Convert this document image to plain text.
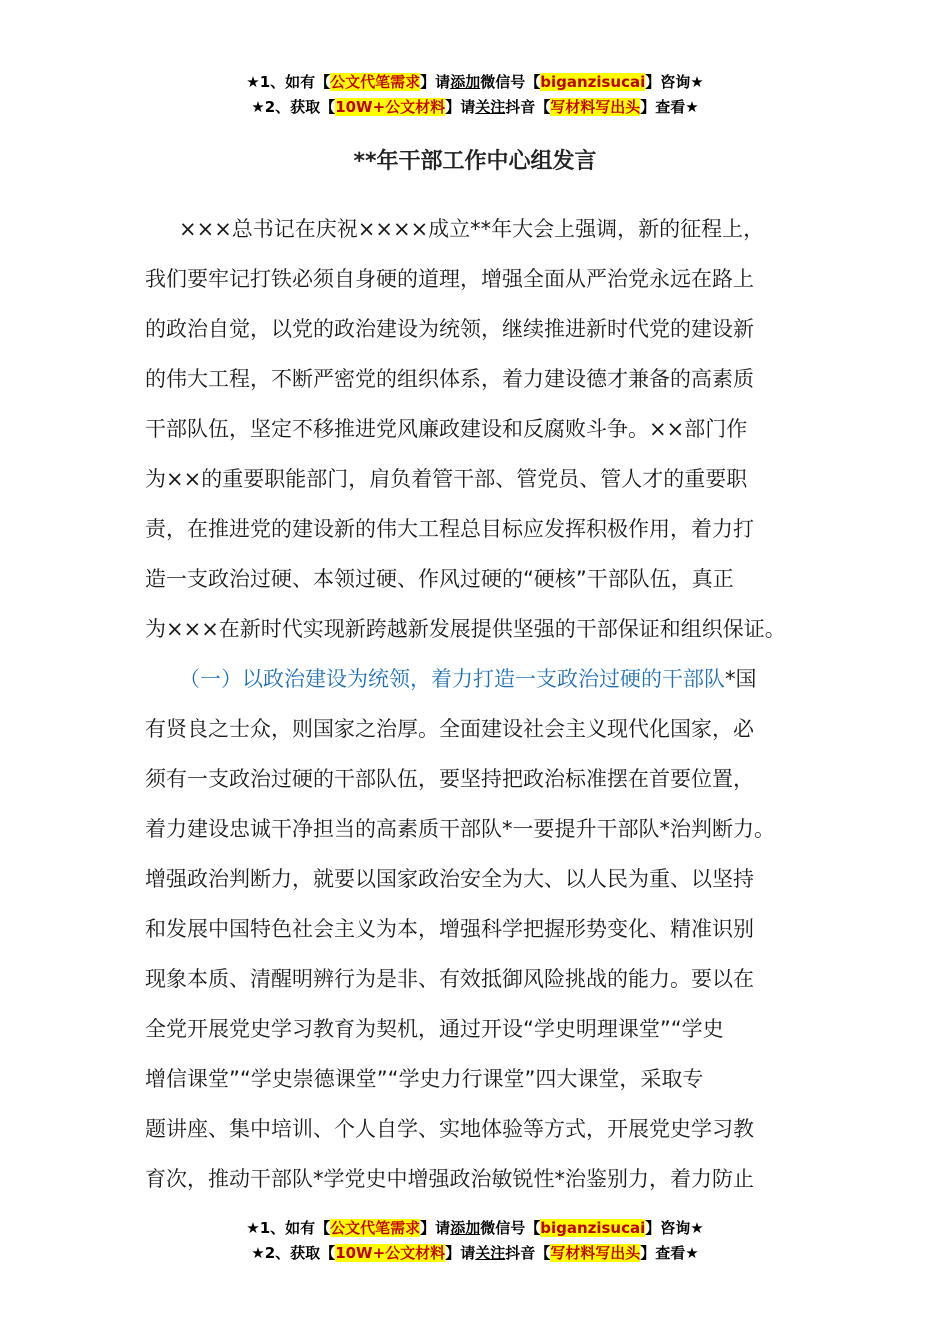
★1、如有【公文代笔需求】请添加微信号【biganzisucai】咨询★
★2、获取【10W+公文材料】请关注抖音【写材料写出头】查看★
**年干部工作中心组发言
×××总书记在庆祝××××成立**年大会上强调，新的征程上，
我们要牢记打铁必须自身硬的道理，增强全面从严治党永远在路上
的政治自觉，以党的政治建设为统领，继续推进新时代党的建设新
的伟大工程，不断严密党的组织体系，着力建设德才兼备的高素质
干部队伍，坚定不移推进党风廉政建设和反腐败斗争。××部门作
为××的重要职能部门，肩负着管干部、管党员、管人才的重要职
责，在推进党的建设新的伟大工程总目标应发挥积极作用，着力打
造一支政治过硬、本领过硬、作风过硬的“硬核”干部队伍，真正
为×××在新时代实现新跨越新发展提供坚强的干部保证和组织保证。
（一）以政治建设为统领，着力打造一支政治过硬的干部队*国
有贤良之士众，则国家之治厚。全面建设社会主义现代化国家，必
须有一支政治过硬的干部队伍，要坚持把政治标准摆在首要位置，
着力建设忠诚干净担当的高素质干部队*一要提升干部队*治判断力。
增强政治判断力，就要以国家政治安全为大、以人民为重、以坚持
和发展中国特色社会主义为本，增强科学把握形势变化、精准识别
现象本质、清醒明辨行为是非、有效抵御风险挑战的能力。要以在
全党开展党史学习教育为契机，通过开设“学史明理课堂”“学史
增信课堂”“学史崇德课堂”“学史力行课堂”四大课堂，采取专
题讲座、集中培训、个人自学、实地体验等方式，开展党史学习教
育次，推动干部队*学党史中增强政治敏锐性*治鉴别力，着力防止
★1、如有【公文代笔需求】请添加微信号【biganzisucai】咨询★
★2、获取【10W+公文材料】请关注抖音【写材料写出头】查看★
